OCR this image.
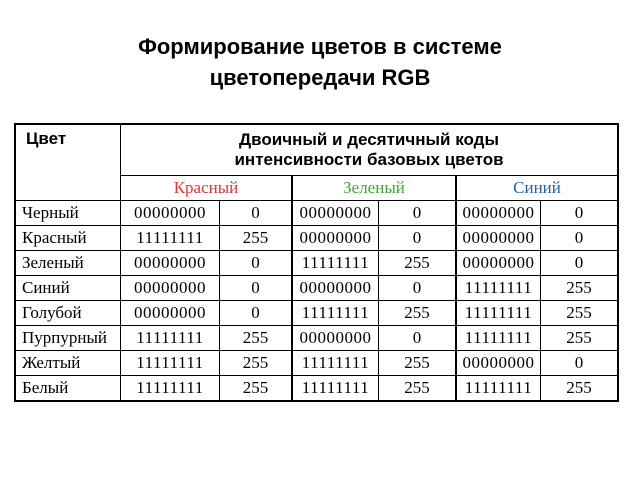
Формирование цветов в системе
цветопередачи RGB
Цвет	Двоичный и десятичный коды
интенсивности базовых цветов					

	Красный		Зеленый		Синий	
Черный	00000000	0	00000000	0	00000000	0
Красный	11111111	255	00000000	0	00000000	0
Зеленый	00000000	0	11111111	255	00000000	0
Синий	00000000	0	00000000	0	11111111	255
Голубой	00000000	0	11111111	255	11111111	255
Пурпурный	11111111	255	00000000	0	11111111	255
Желтый	11111111	255	11111111	255	00000000	0
Белый	11111111	255	11111111	255	11111111	255
